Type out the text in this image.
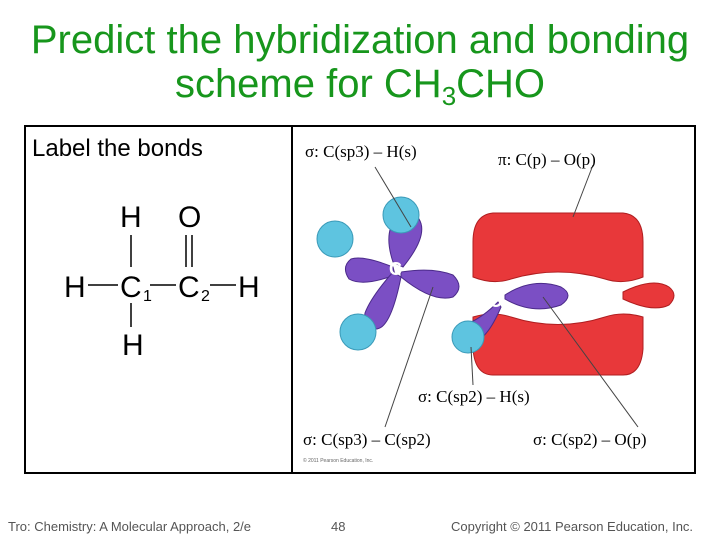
Predict the hybridization and bonding
scheme for $CH_3CHO$
Label the bonds
H O
H C 1 C 2 H
H
C
C	O
σ: C(sp3) – H(s)	π: C(p) – O(p)
σ: C(sp2) – H(s)
σ: C(sp3) – C(sp2)	σ: C(sp2) – O(p)
© 2011 Pearson Education, Inc.
Tro: Chemistry: A Molecular Approach, 2/e	48	Copyright © 2011 Pearson Education, Inc.
